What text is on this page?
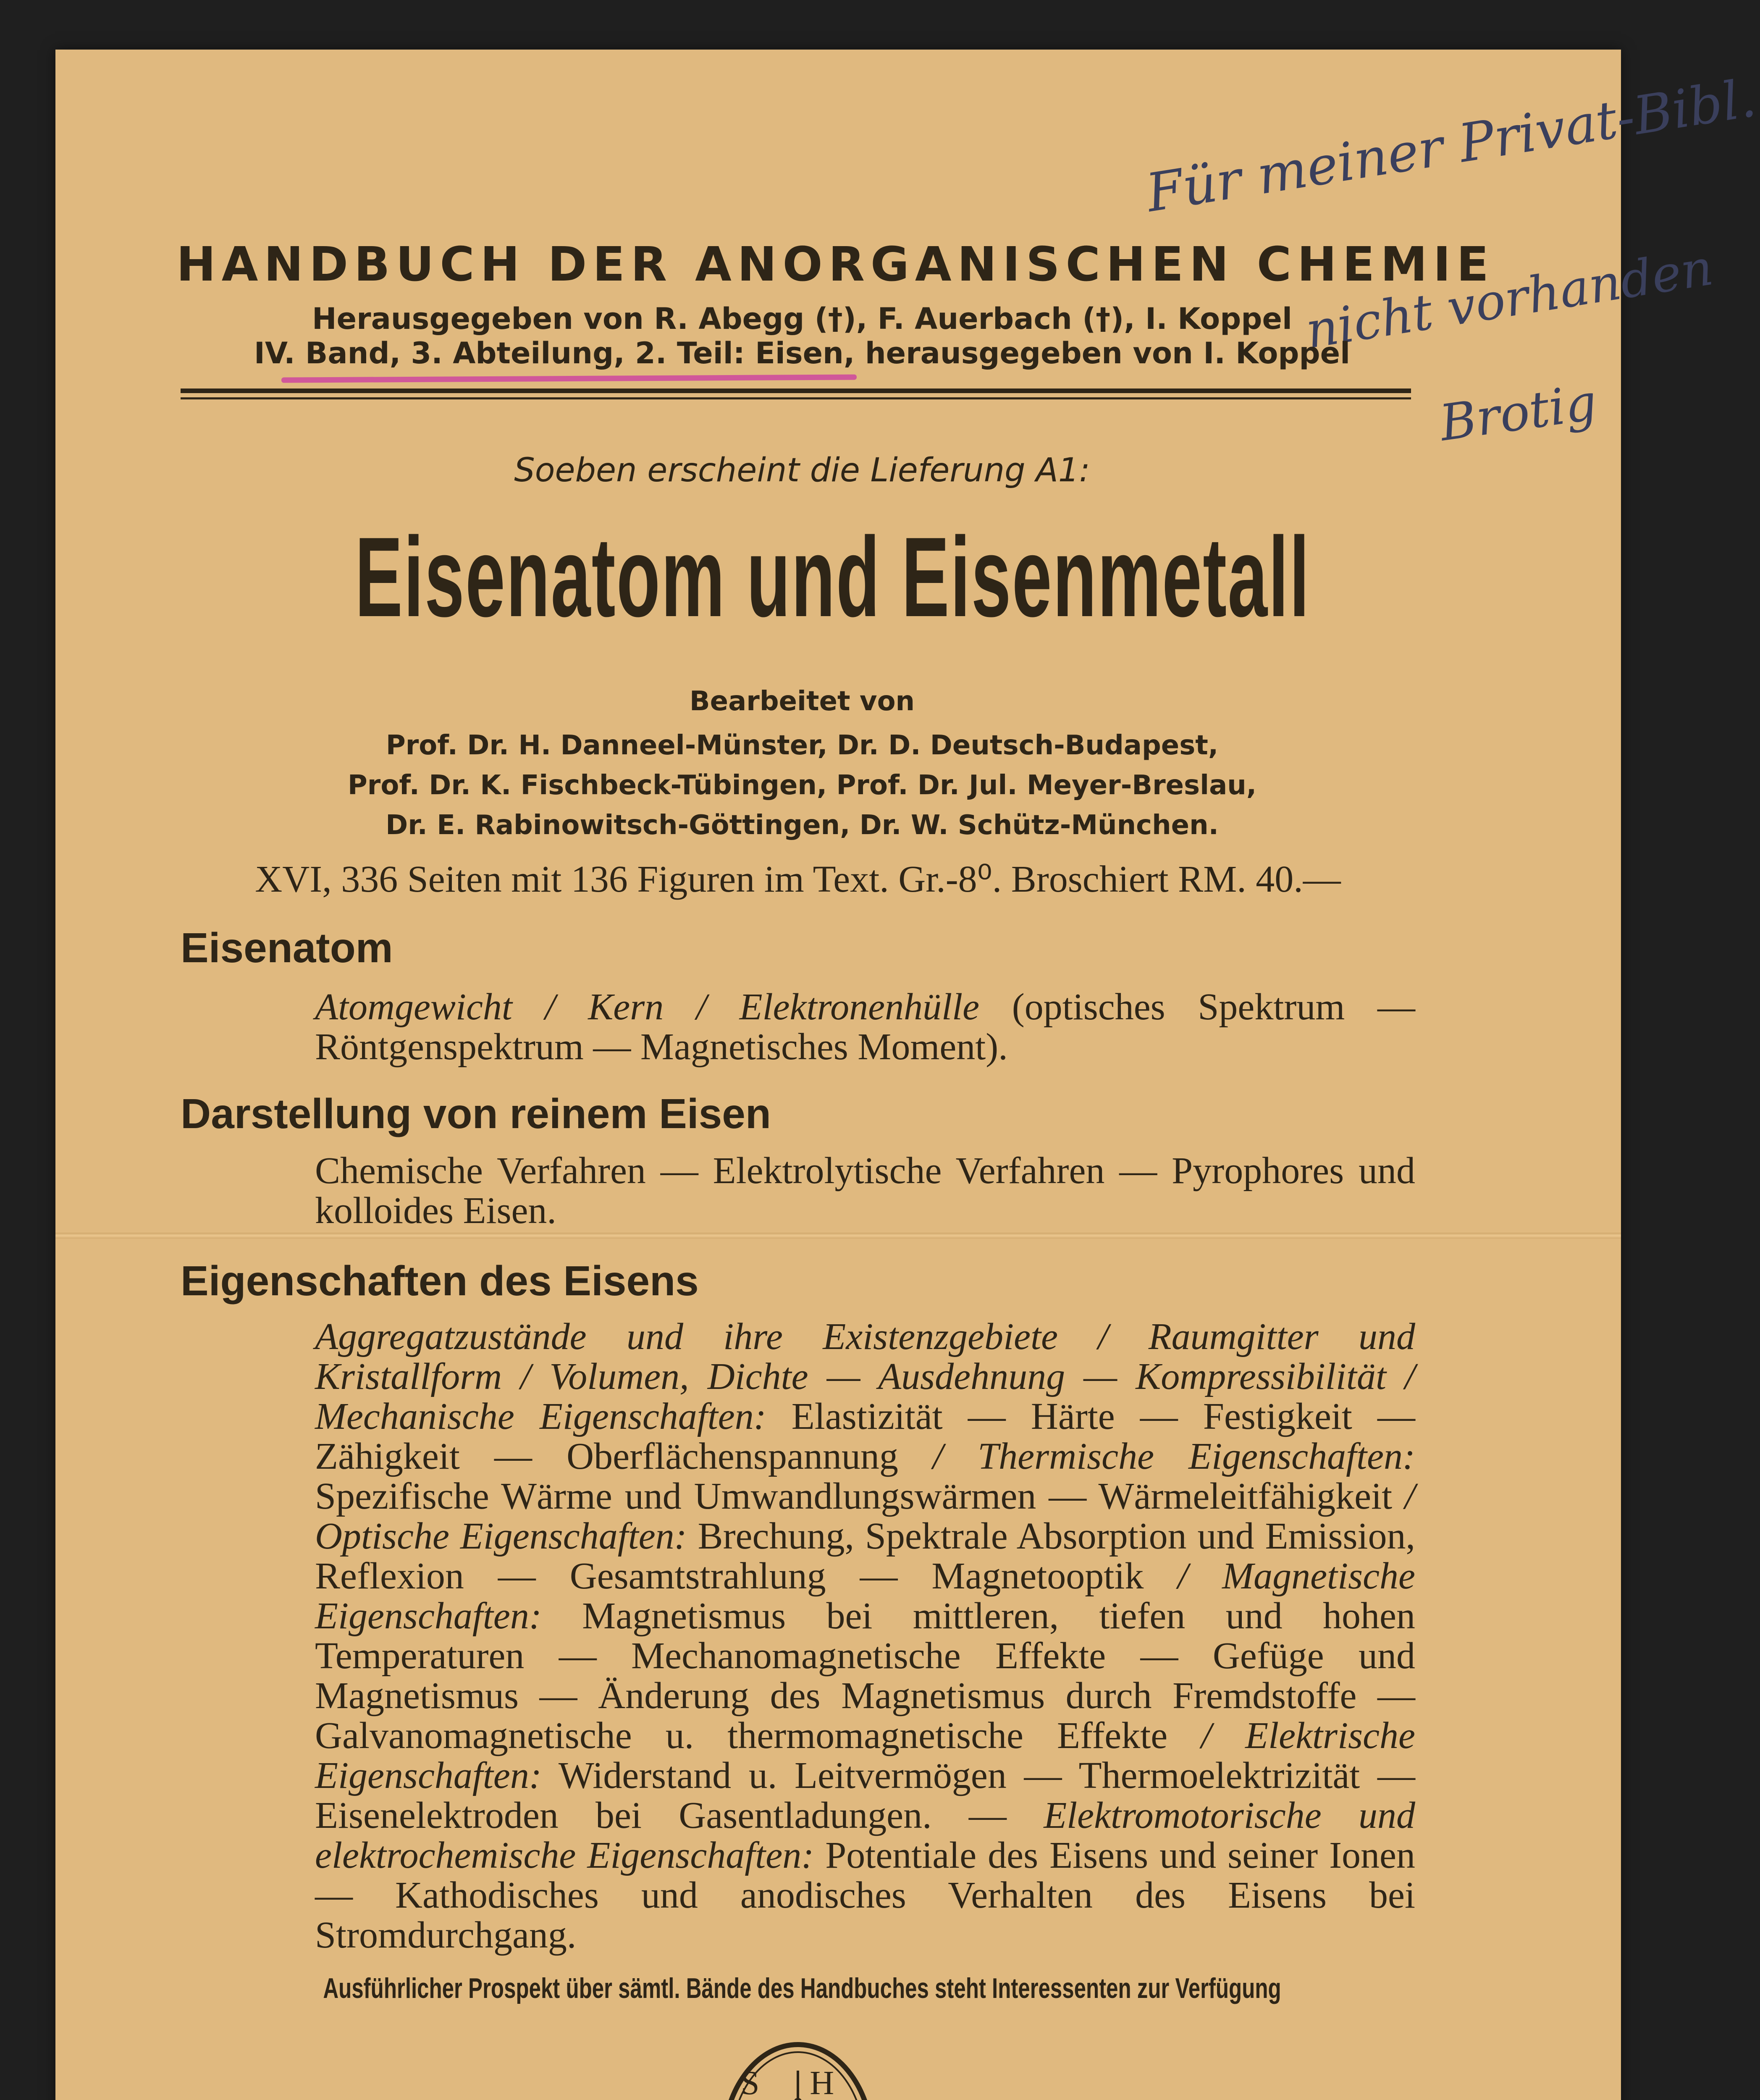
Für meiner Privat-Bibl.
nicht vorhanden
Brotig
HANDBUCH DER ANORGANISCHEN CHEMIE
Herausgegeben von R. Abegg (†), F. Auerbach (†), I. Koppel
IV. Band, 3. Abteilung, 2. Teil: Eisen, herausgegeben von I. Koppel
Soeben erscheint die Lieferung A1:
Eisenatom und Eisenmetall
Bearbeitet von
Prof. Dr. H. Danneel-Münster, Dr. D. Deutsch-Budapest,
Prof. Dr. K. Fischbeck-Tübingen, Prof. Dr. Jul. Meyer-Breslau,
Dr. E. Rabinowitsch-Göttingen, Dr. W. Schütz-München.
XVI, 336 Seiten mit 136 Figuren im Text. Gr.-8⁰. Broschiert RM. 40.—
Eisenatom
Atomgewicht / Kern / Elektronenhülle (optisches Spektrum — Röntgenspektrum — Magnetisches Moment).
Darstellung von reinem Eisen
Chemische Verfahren — Elektrolytische Verfahren — Pyrophores und kolloides Eisen.
Eigenschaften des Eisens
Aggregatzustände und ihre Existenzgebiete / Raumgitter und Kristallform / Volumen, Dichte — Ausdehnung — Kompressibilität / Mechanische Eigenschaften: Elastizität — Härte — Festigkeit — Zähigkeit — Oberflächenspannung / Thermische Eigenschaften: Spezifische Wärme und Umwandlungswärmen — Wärmeleitfähigkeit / Optische Eigenschaften: Brechung, Spektrale Absorption und Emission, Reflexion — Gesamtstrahlung — Magnetooptik / Magnetische Eigenschaften: Magnetismus bei mittleren, tiefen und hohen Temperaturen — Mechanomagnetische Effekte — Gefüge und Magnetismus — Änderung des Magnetismus durch Fremdstoffe — Galvanomagnetische u. thermomagnetische Effekte / Elektrische Eigenschaften: Widerstand u. Leitvermögen — Thermoelektrizität — Eisenelektroden bei Gasentladungen. — Elektromotorische und elektrochemische Eigenschaften: Potentiale des Eisens und seiner Ionen — Kathodisches und anodisches Verhalten des Eisens bei Stromdurchgang.
Ausführlicher Prospekt über sämtl. Bände des Handbuches steht Interessenten zur Verfügung
S H
